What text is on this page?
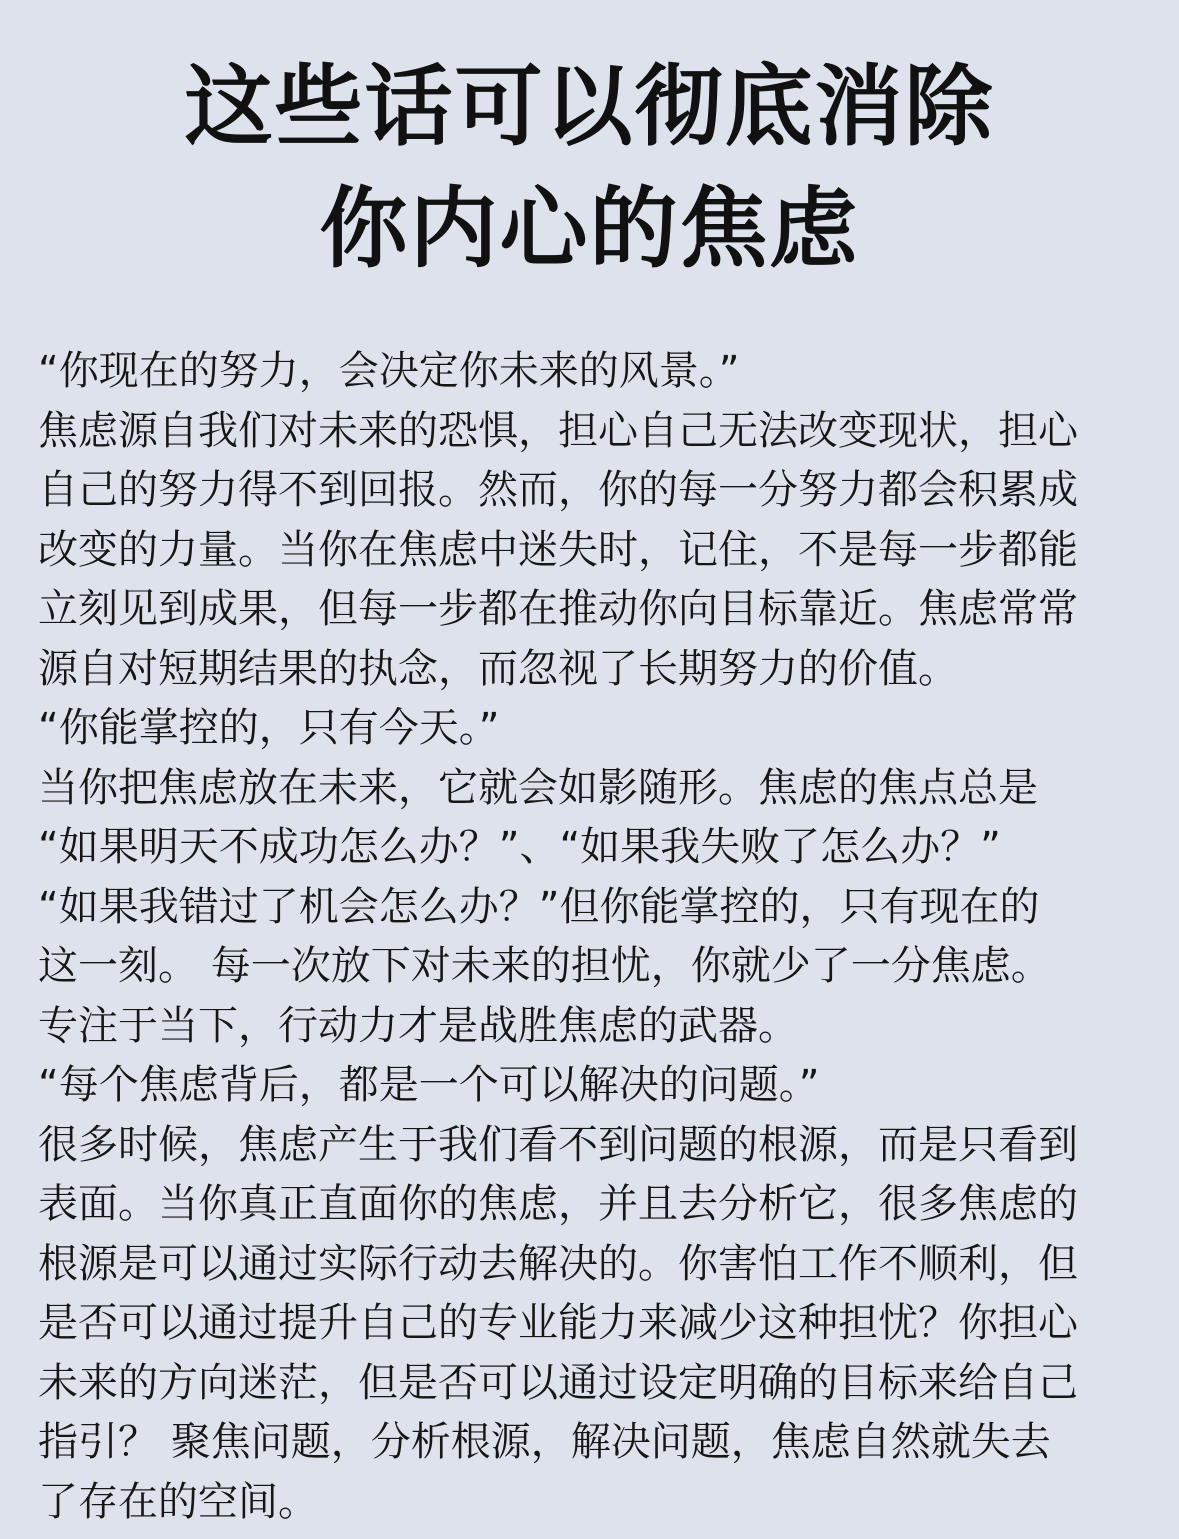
这些话可以彻底消除
你内心的焦虑
“你现在的努力，会决定你未来的风景。”
焦虑源自我们对未来的恐惧，担心自己无法改变现状，担心
自己的努力得不到回报。然而，你的每一分努力都会积累成
改变的力量。当你在焦虑中迷失时，记住，不是每一步都能
立刻见到成果，但每一步都在推动你向目标靠近。焦虑常常
源自对短期结果的执念，而忽视了长期努力的价值。
“你能掌控的，只有今天。”
当你把焦虑放在未来，它就会如影随形。焦虑的焦点总是
“如果明天不成功怎么办？”、“如果我失败了怎么办？”
“如果我错过了机会怎么办？”但你能掌控的，只有现在的
这一刻。 每一次放下对未来的担忧，你就少了一分焦虑。
专注于当下，行动力才是战胜焦虑的武器。
“每个焦虑背后，都是一个可以解决的问题。”
很多时候，焦虑产生于我们看不到问题的根源，而是只看到
表面。当你真正直面你的焦虑，并且去分析它，很多焦虑的
根源是可以通过实际行动去解决的。你害怕工作不顺利，但
是否可以通过提升自己的专业能力来减少这种担忧？你担心
未来的方向迷茫，但是否可以通过设定明确的目标来给自己
指引？ 聚焦问题，分析根源，解决问题，焦虑自然就失去
了存在的空间。
